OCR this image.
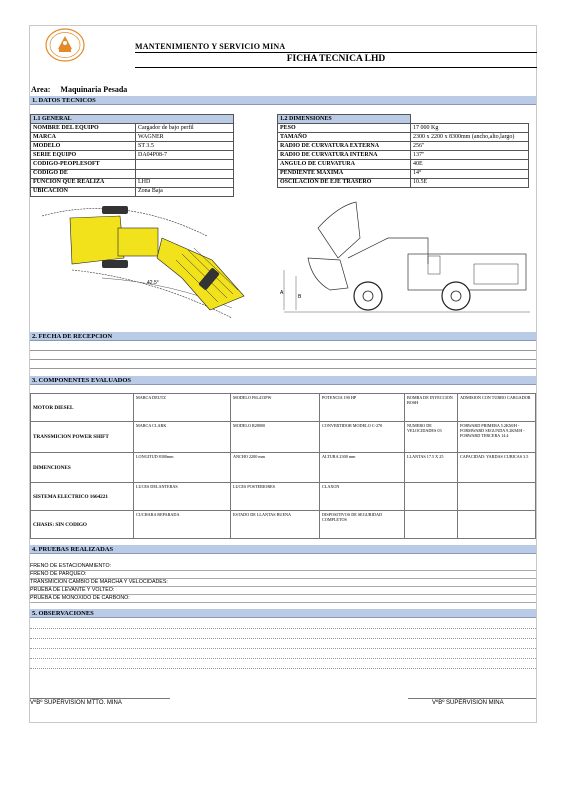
MANTENIMIENTO Y SERVICIO MINA
FICHA TECNICA LHD
Area: Maquinaria Pesada
1. DATOS TECNICOS
1.1 GENERAL	
NOMBRE DEL EQUIPO	Cargador de bajo perfil
MARCA	WAGNER
MODELO	ST 3.5
SERIE EQUIPO	DA04P08-7
CODIGO-PEOPLESOFT	
CODIGO DE	
FUNCION QUE REALIZA	LHD
UBICACIÓN	Zona Baja
1.2 DIMENSIONES	
PESO	17 000 Kg
TAMAÑO	2300 x 2200 x 8300mm (ancho,alto,largo)
RADIO DE CURVATURA EXTERNA	256"
RADIO DE CURVATURA INTERNA	137"
ANGULO DE CURVATURA	40E
PENDIENTE MAXIMA	14°
OSCILACION DE EJE TRASERO	10.5E
42.5°
A
B
2. FECHA DE RECEPCION
3. COMPONENTES EVALUADOS
MOTOR DIESEL	MARCA DEUTZ	MODELO F6L413FW	POTENCIA 190 HP	BOMBA DE INYECCION BOSH	ADMISION CON TURBO CARGADOR
TRANSMICION POWER SHIFT	MARCA CLARK	MODELO R28000	CONVERTIDOR MODELO C-270	NUMERO DE VELOCIDADES 03	FORWARD PRIMERA 5.2KM/H - FORMWARD SEGUNDA 9.2KM/H - FORWARD TERCERA 14.4
DIMENCIONES	LONGITUD 8300mm	ANCHO 2200 mm	ALTURA 2300 mm	LLANTAS 17.5 X 25	CAPACIDAD: YARDAS CUBICAS 3.5
SISTEMA ELECTRICO 1664221	LUCES DELANTERAS	LUCES POSTERIORES	CLAXON		
CHASIS: SIN CODIGO	CUCHARA REPARADA	ESTADO DE LLANTAS BUENA	DISPOSITIVOS DE SEGURIDAD COMPLETOS		
4. PRUEBAS REALIZADAS
FRENO DE ESTACIONAMIENTO:
FRENO DE PARQUEO:
TRANSMICION CAMBIO DE MARCHA Y VELOCIDADES:
PRUEBA DE LEVANTE Y VOLTEO:
PRUEBA DE MONOXIDO DE CARBONO:
5. OBSERVACIONES
VºBº SUPERVISION MTTO. MINA	VºBº SUPERVISION MINA
